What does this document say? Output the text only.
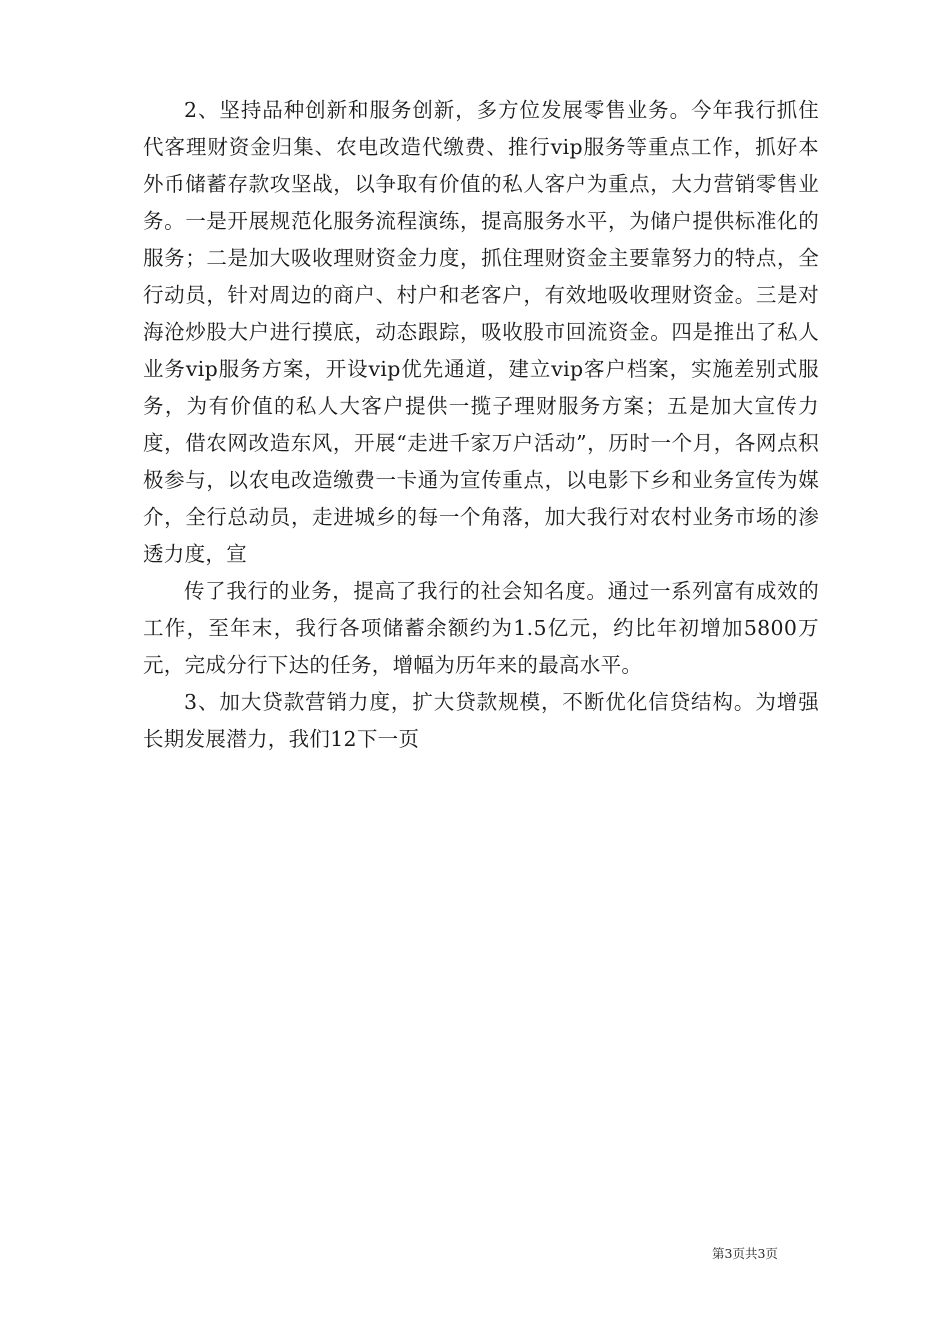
2、坚持品种创新和服务创新，多方位发展零售业务。今年我行抓住代客理财资金归集、农电改造代缴费、推行vip服务等重点工作，抓好本外币储蓄存款攻坚战，以争取有价值的私人客户为重点，大力营销零售业务。一是开展规范化服务流程演练，提高服务水平，为储户提供标准化的服务；二是加大吸收理财资金力度，抓住理财资金主要靠努力的特点，全行动员，针对周边的商户、村户和老客户，有效地吸收理财资金。三是对海沧炒股大户进行摸底，动态跟踪，吸收股市回流资金。四是推出了私人业务vip服务方案，开设vip优先通道，建立vip客户档案，实施差别式服务，为有价值的私人大客户提供一揽子理财服务方案；五是加大宣传力度，借农网改造东风，开展“走进千家万户活动”，历时一个月，各网点积极参与，以农电改造缴费一卡通为宣传重点，以电影下乡和业务宣传为媒介，全行总动员，走进城乡的每一个角落，加大我行对农村业务市场的渗透力度，宣

传了我行的业务，提高了我行的社会知名度。通过一系列富有成效的工作，至年末，我行各项储蓄余额约为1.5亿元，约比年初增加5800万元，完成分行下达的任务，增幅为历年来的最高水平。

3、加大贷款营销力度，扩大贷款规模，不断优化信贷结构。为增强长期发展潜力，我们12下一页

第3页共3页
